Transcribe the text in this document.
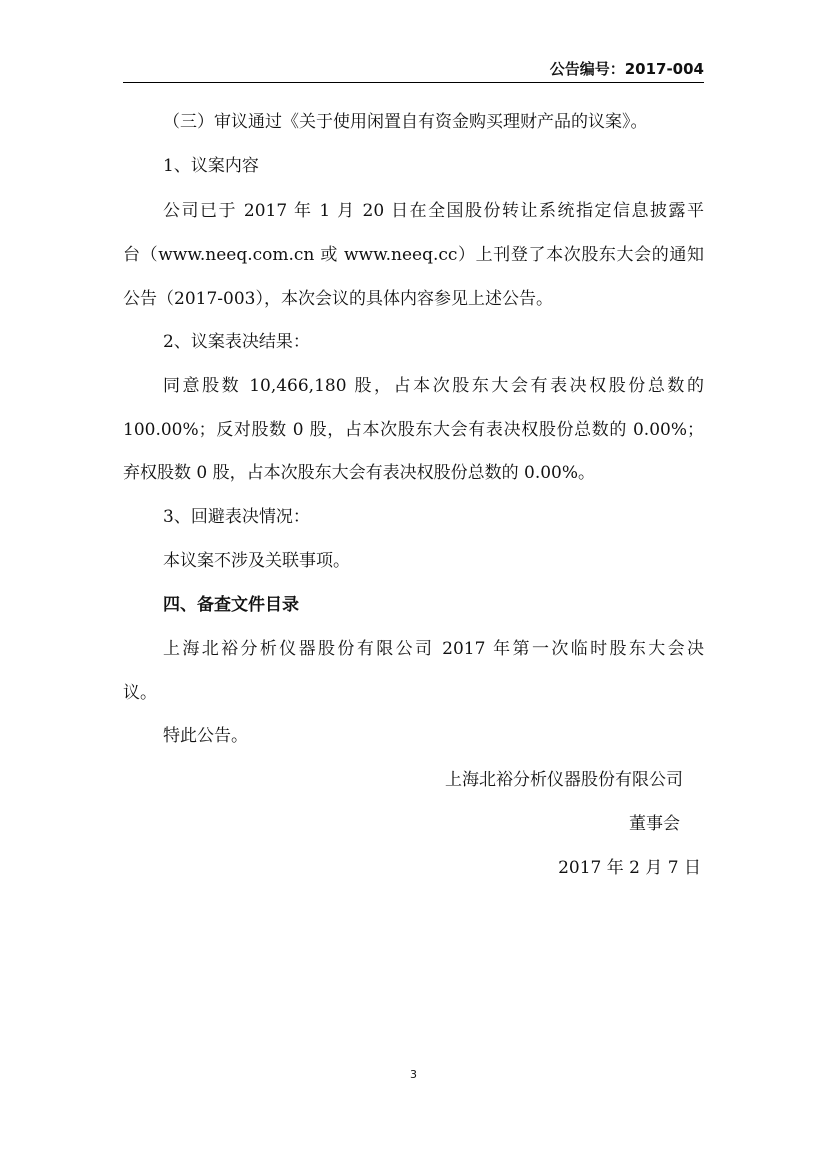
公告编号：2017-004
（三）审议通过《关于使用闲置自有资金购买理财产品的议案》。
1、议案内容
公司已于 2017 年 1 月 20 日在全国股份转让系统指定信息披露平
台（www.neeq.com.cn 或 www.neeq.cc）上刊登了本次股东大会的通知
公告（2017-003），本次会议的具体内容参见上述公告。
2、议案表决结果：
同意股数 10,466,180 股，占本次股东大会有表决权股份总数的
100.00%；反对股数 0 股，占本次股东大会有表决权股份总数的 0.00%；
弃权股数 0 股，占本次股东大会有表决权股份总数的 0.00%。
3、回避表决情况：
本议案不涉及关联事项。
四、备查文件目录
上海北裕分析仪器股份有限公司 2017 年第一次临时股东大会决
议。
特此公告。
上海北裕分析仪器股份有限公司
董事会
2017 年 2 月 7 日
3
